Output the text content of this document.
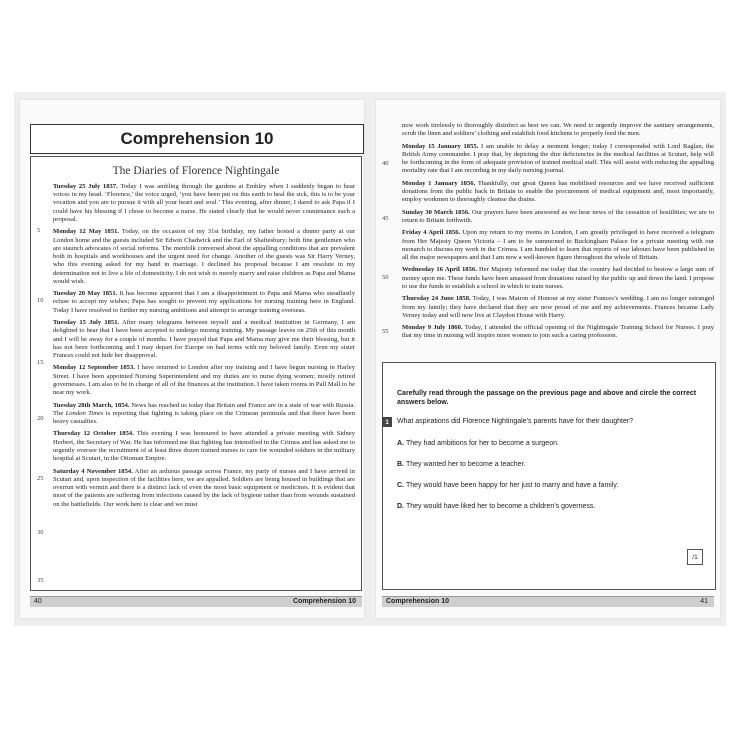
Comprehension 10
The Diaries of Florence Nightingale

Tuesday 25 July 1837. Today I was ambling through the gardens at Embley when I suddenly began to hear voices in my head. ‘Florence,’ the voice urged, ‘you have been put on this earth to heal the sick, this is to be your vocation and you are to pursue it with all your heart and soul.’ This evening, after dinner, I dared to ask Papa if I could have his blessing if I chose to become a nurse. He stated clearly that he would never countenance such a proposal.

Monday 12 May 1851. Today, on the occasion of my 31st birthday, my father hosted a dinner party at our London home and the guests included Sir Edwin Chadwick and the Earl of Shaftesbury; both fine gentlemen who are staunch advocates of social reforms. The menfolk conversed about the appalling conditions that are prevalent both in hospitals and workhouses and the urgent need for change. Another of the guests was Sir Harry Verney, who this evening asked for my hand in marriage. I declined his proposal because I am resolute in my determination not to live a life of domesticity. I do not wish to merely marry and raise children as Papa and Mama would wish.

Tuesday 20 May 1851. It has become apparent that I am a disappointment to Papa and Mama who steadfastly refuse to accept my wishes; Papa has sought to prevent my applications for nursing training here in England. Today I have resolved to further my nursing ambitions and attempt to arrange training overseas.

Tuesday 15 July 1851. After many telegrams between myself and a medical institution in Germany, I am delighted to hear that I have been accepted to undergo nursing training. My passage leaves on 25th of this month and I will be away for a couple of months. I have prayed that Papa and Mama may give me their blessing, but it has not been forthcoming and I may depart for Europe on bad terms with my beloved family. Even my sister Frances could not hide her disapproval.

Monday 12 September 1853. I have returned to London after my training and I have begun nursing in Harley Street. I have been appointed Nursing Superintendent and my duties are to nurse dying women; mostly retired governesses. I am also to be in charge of all of the finances at the institution. I have taken rooms in Pall Mall to be near my work.

Tuesday 28th March, 1854. News has reached us today that Britain and France are in a state of war with Russia. The London Times is reporting that fighting is taking place on the Crimean peninsula and that there have been heavy casualties.

Thursday 12 October 1854. This evening I was honoured to have attended a private meeting with Sidney Herbert, the Secretary of War. He has informed me that fighting has intensified in the Crimea and has asked me to urgently oversee the recruitment of at least three dozen trained nurses to care for wounded soldiers in the military hospital at Scutari, in the Ottoman Empire.

Saturday 4 November 1854. After an arduous passage across France, my party of nurses and I have arrived in Scutari and, upon inspection of the facilities here, we are appalled. Soldiers are being housed in buildings that are overrun with vermin and there is a distinct lack of even the most basic equipment or medicines. It is evident that most of the patients are suffering from infections caused by the lack of hygiene rather than from wounds sustained on the battlefields. Our work here is clear and we must

5
10
15
20
25
30
35
40	Comprehension 10

now work tirelessly to thoroughly disinfect as best we can. We need to urgently improve the sanitary arrangements, scrub the linen and soldiers’ clothing and establish food kitchens to properly feed the men.

Monday 15 January 1855. I am unable to delay a moment longer; today I corresponded with Lord Raglan, the British Army commander. I pray that, by depicting the dire deficiencies in the medical facilities at Scutari, help will be forthcoming in the form of adequate provision of trained medical staff. This will assist with reducing the appalling mortality rate that I am recording in my daily nursing journal.

Monday 1 January 1856. Thankfully, our great Queen has mobilised resources and we have received sufficient donations from the public back in Britain to enable the procurement of medical equipment and, most importantly, employ workmen to thoroughly cleanse the drains.

Sunday 30 March 1856. Our prayers have been answered as we hear news of the cessation of hostilities; we are to return to Britain forthwith.

Friday 4 April 1856. Upon my return to my rooms in London, I am greatly privileged to have received a telegram from Her Majesty Queen Victoria – I am to be summoned to Buckingham Palace for a private meeting with our monarch to discuss my work in the Crimea. I am humbled to learn that reports of our labours have been published in all the major newspapers and that I am now a well-known figure throughout the whole of Britain.

Wednesday 16 April 1856. Her Majesty informed me today that the country had decided to bestow a large sum of money upon me. These funds have been amassed from donations raised by the public up and down the land. I propose to use the funds to establish a school in which to train nurses.

Thursday 24 June 1858. Today, I was Matron of Honour at my sister Frances’s wedding. I am no longer estranged from my family; they have declared that they are now proud of me and my achievements. Frances became Lady Verney today and will now live at Claydon House with Harry.

Monday 9 July 1860. Today, I attended the official opening of the Nightingale Training School for Nurses. I pray that my time in nursing will inspire more women to join such a caring profession.

40
45
50
55
Carefully read through the passage on the previous page and above and circle the correct answers below.
1	What aspirations did Florence Nightingale’s parents have for their daughter?
A. They had ambitions for her to become a surgeon.
B. They wanted her to become a teacher.
C. They would have been happy for her just to marry and have a family.
D. They would have liked her to become a children’s governess.
/1
Comprehension 10	41
